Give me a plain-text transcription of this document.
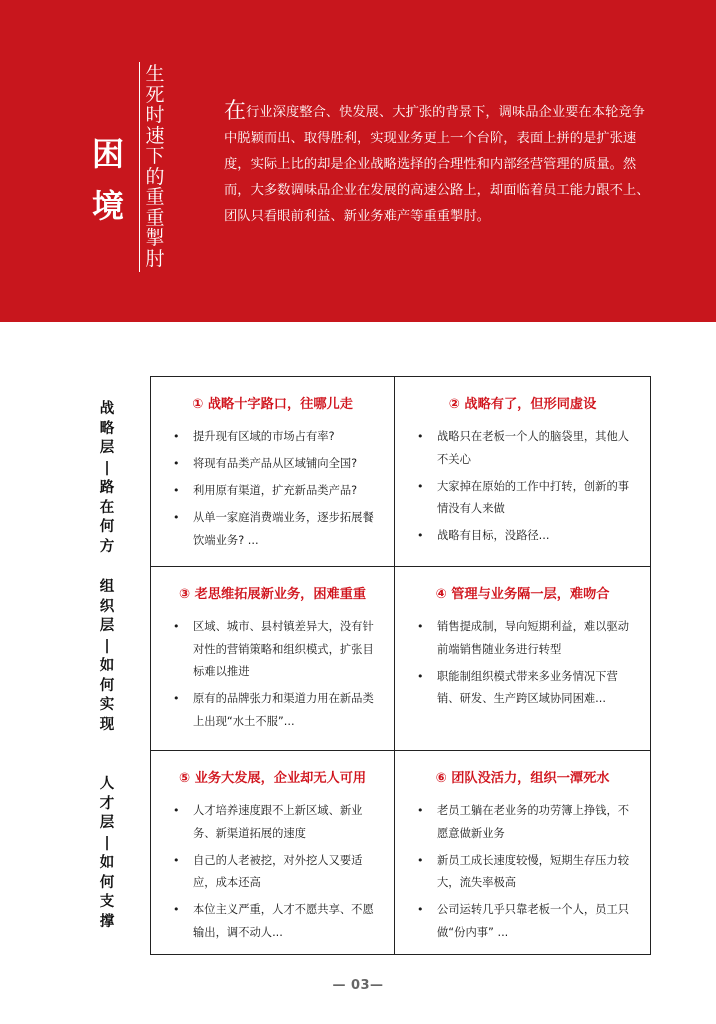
困
境
生
死
时
速
下
的
重
重
掣
肘

在行业深度整合、快发展、大扩张的背景下，调味品企业要在本轮竞争中脱颖而出、取得胜利，实现业务更上一个台阶，表面上拼的是扩张速度，实际上比的却是企业战略选择的合理性和内部经营管理的质量。然而，大多数调味品企业在发展的高速公路上，却面临着员工能力跟不上、团队只看眼前利益、新业务难产等重重掣肘。

战
略
层
|
路
在
何
方
组
织
层
|
如
何
实
现
人
才
层
|
如
何
支
撑
① 战略十字路口，往哪儿走
• 提升现有区域的市场占有率?
• 将现有品类产品从区域铺向全国?
• 利用原有渠道，扩充新品类产品?
• 从单一家庭消费端业务，逐步拓展餐饮端业务? ...
② 战略有了，但形同虚设
• 战略只在老板一个人的脑袋里，其他人不关心
• 大家掉在原始的工作中打转，创新的事情没有人来做
• 战略有目标，没路径...
③ 老思维拓展新业务，困难重重
• 区域、城市、县村镇差异大，没有针对性的营销策略和组织模式，扩张目标难以推进
• 原有的品牌张力和渠道力用在新品类上出现“水土不服”...
④ 管理与业务隔一层，难吻合
• 销售提成制，导向短期利益，难以驱动前端销售随业务进行转型
• 职能制组织模式带来多业务情况下营销、研发、生产跨区域协同困难...
⑤ 业务大发展，企业却无人可用
• 人才培养速度跟不上新区域、新业务、新渠道拓展的速度
• 自己的人老被挖，对外挖人又要适应，成本还高
• 本位主义严重，人才不愿共享、不愿输出，调不动人...
⑥ 团队没活力，组织一潭死水
• 老员工躺在老业务的功劳簿上挣钱，不愿意做新业务
• 新员工成长速度较慢，短期生存压力较大，流失率极高
• 公司运转几乎只靠老板一个人，员工只做“份内事” ...
— 03—
